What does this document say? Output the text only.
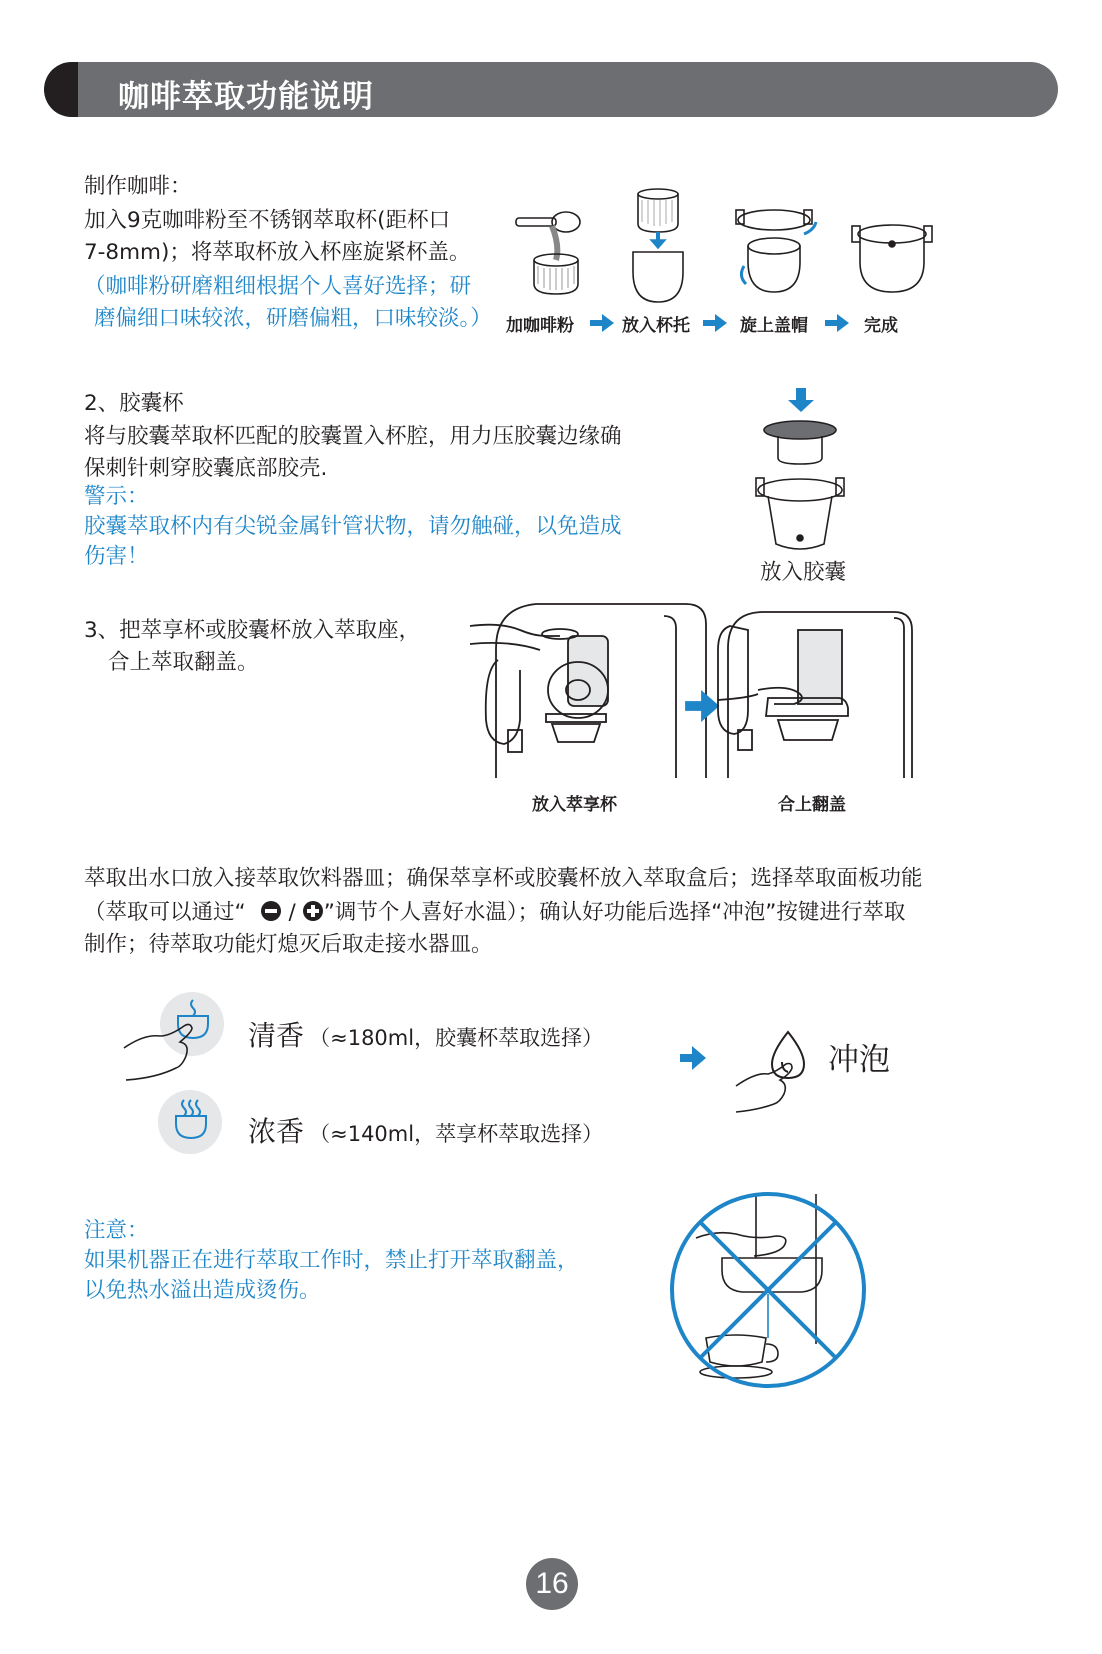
咖啡萃取功能说明
制作咖啡：
加入9克咖啡粉至不锈钢萃取杯(距杯口
7-8mm)；将萃取杯放入杯座旋紧杯盖。
（咖啡粉研磨粗细根据个人喜好选择；研
磨偏细口味较浓，研磨偏粗，口味较淡。） 加咖啡粉	放入杯托	旋上盖帽	完成
2、胶囊杯
将与胶囊萃取杯匹配的胶囊置入杯腔，用力压胶囊边缘确
保刺针刺穿胶囊底部胶壳.
警示：
胶囊萃取杯内有尖锐金属针管状物，请勿触碰，以免造成
伤害！
放入胶囊
3、把萃享杯或胶囊杯放入萃取座，
合上萃取翻盖。
放入萃享杯	合上翻盖
萃取出水口放入接萃取饮料器皿；确保萃享杯或胶囊杯放入萃取盒后；选择萃取面板功能
（萃取可以通过“ / ”调节个人喜好水温）；确认好功能后选择“冲泡”按键进行萃取
制作；待萃取功能灯熄灭后取走接水器皿。
清香 （≈180ml，胶囊杯萃取选择）
浓香 （≈140ml，萃享杯萃取选择）
冲泡
注意：
如果机器正在进行萃取工作时，禁止打开萃取翻盖，
以免热水溢出造成烫伤。
16
